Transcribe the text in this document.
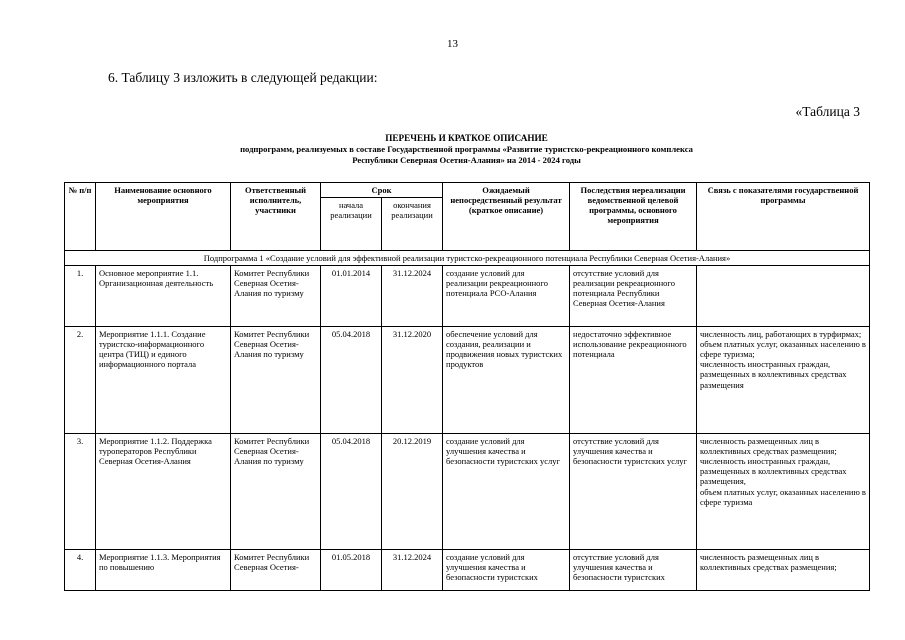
13
6. Таблицу 3 изложить в следующей редакции:
«Таблица 3
ПЕРЕЧЕНЬ И КРАТКОЕ ОПИСАНИЕ
подпрограмм, реализуемых в составе Государственной программы «Развитие туристско-рекреационного комплекса
Республики Северная Осетия-Алания» на 2014 - 2024 годы
№ п/п	Наименование основного мероприятия	Ответственный исполнитель, участники	Срок		Ожидаемый непосредственный результат (краткое описание)	Последствия нереализации ведомственной целевой программы, основного мероприятия	Связь с показателями государственной программы
			начала реализации	окончания реализации			
Подпрограмма 1 «Создание условий для эффективной реализации туристско-рекреационного потенциала Республики Северная Осетия-Алания»							
1.	Основное мероприятие 1.1. Организационная деятельность	Комитет Республики Северная Осетия-Алания по туризму	01.01.2014	31.12.2024	создание условий для реализации рекреационного потенциала РСО-Алания	отсутствие условий для реализации рекреационного потенциала Республики Северная Осетия-Алания	
2.	Мероприятие 1.1.1. Создание туристско-информационного центра (ТИЦ) и единого информационного портала	Комитет Республики Северная Осетия-Алания по туризму	05.04.2018	31.12.2020	обеспечение условий для создания, реализации и продвижения новых туристских продуктов	недостаточно эффективное использование рекреационного потенциала	численность лиц, работающих в турфирмах;
объем платных услуг, оказанных населению в сфере туризма;
численность иностранных граждан, размещенных в коллективных средствах размещения
3.	Мероприятие 1.1.2. Поддержка туроператоров Республики Северная Осетия-Алания	Комитет Республики Северная Осетия-Алания по туризму	05.04.2018	20.12.2019	создание условий для улучшения качества и безопасности туристских услуг	отсутствие условий для улучшения качества и безопасности туристских услуг	численность размещенных лиц в коллективных средствах размещения;
численность иностранных граждан, размещенных в коллективных средствах размещения,
объем платных услуг, оказанных населению в сфере туризма
4.	Мероприятие 1.1.3. Мероприятия по повышению	Комитет Республики Северная Осетия-	01.05.2018	31.12.2024	создание условий для улучшения качества и безопасности туристских	отсутствие условий для улучшения качества и безопасности туристских	численность размещенных лиц в коллективных средствах размещения;
